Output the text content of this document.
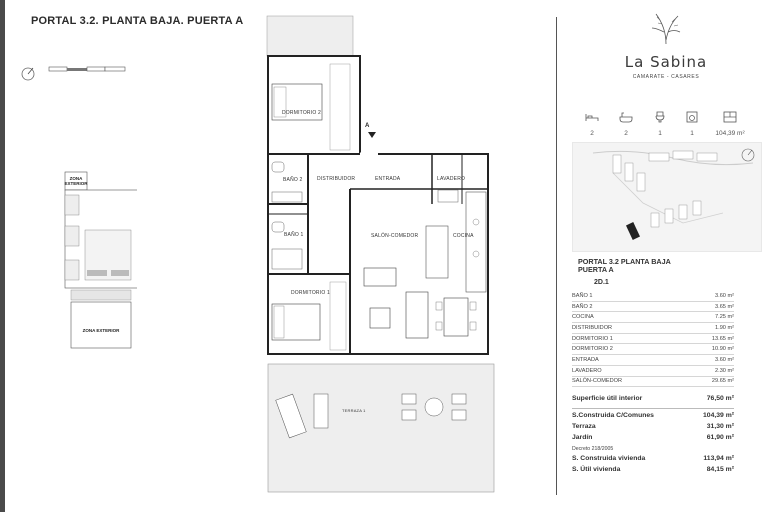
PORTAL 3.2. PLANTA BAJA. PUERTA A
ZONA
EXTERIOR
ZONA EXTERIOR
A
DORMITORIO 2
BAÑO 2	DISTRIBUIDOR	ENTRADA	LAVADERO
BAÑO 1	SALÓN-COMEDOR	COCINA
DORMITORIO 1
TERRAZA 1
La Sabina
CAMARATE - CASARES
2	2	1	1	104,39 m²
PORTAL 3.2 PLANTA BAJA
PUERTA A
2D.1
BAÑO 1	3.60 m²
BAÑO 2	3.65 m²
COCINA	7.25 m²
DISTRIBUIDOR	1.90 m²
DORMITORIO 1	13.65 m²
DORMITORIO 2	10.90 m²
ENTRADA	3.60 m²
LAVADERO	2.30 m²
SALÓN-COMEDOR	29.65 m²
Superficie útil interior	76,50 m²
S.Construida C/Comunes	104,39 m²
Terraza	31,30 m²
Jardín	61,90 m²
Decreto 218/2005
S. Construida vivienda	113,94 m²
S. Útil vivienda	84,15 m²
